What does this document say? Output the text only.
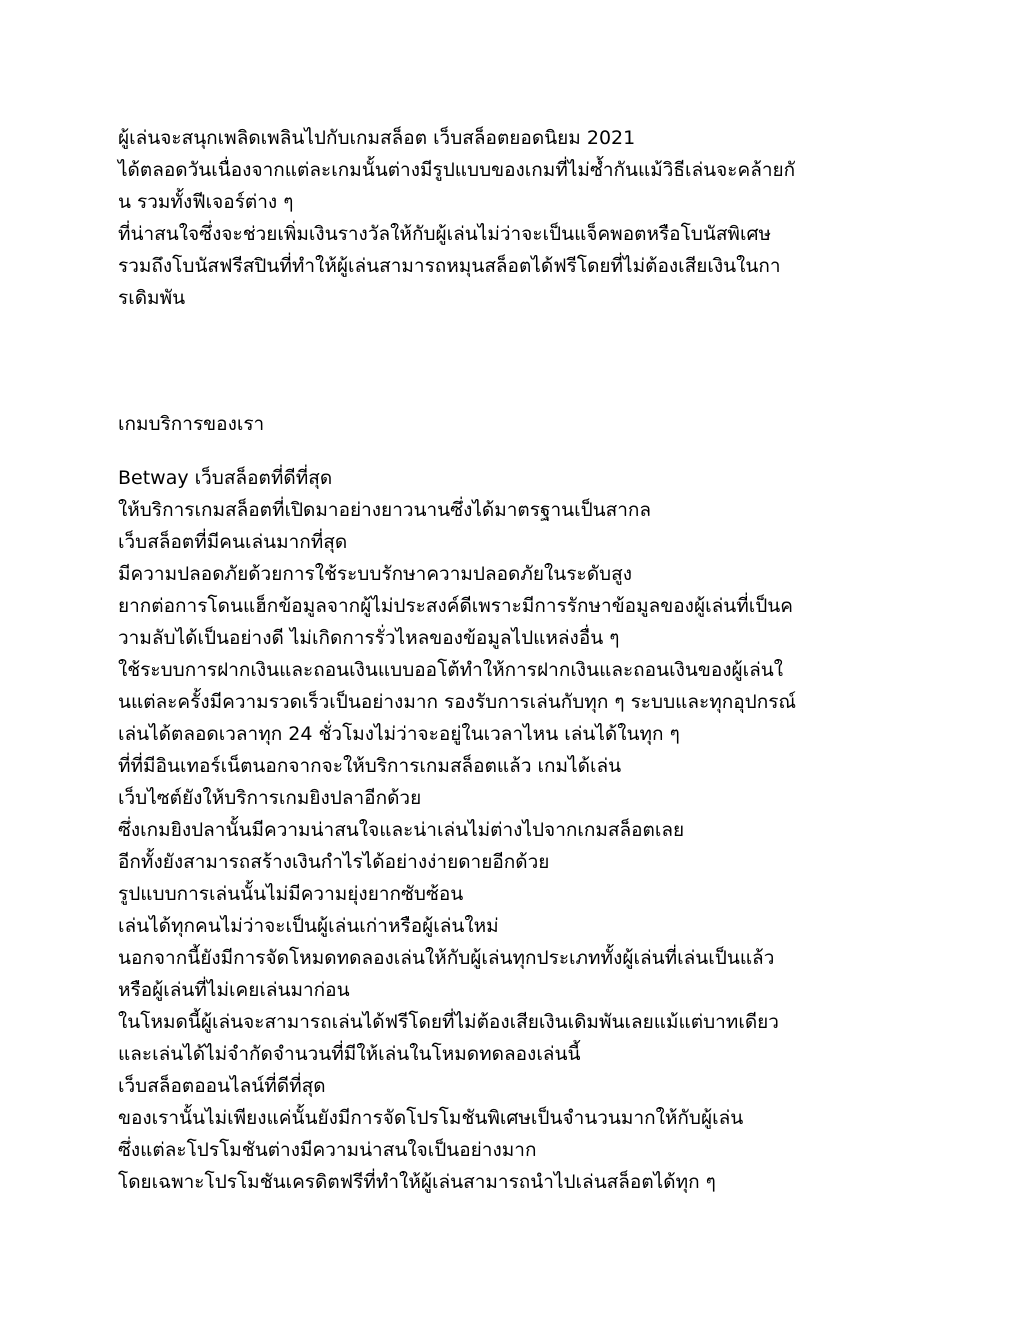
ผู้เล่นจะสนุกเพลิดเพลินไปกับเกมสล็อต เว็บสล็อตยอดนิยม 2021
ได้ตลอดวันเนื่องจากแต่ละเกมนั้นต่างมีรูปแบบของเกมที่ไม่ซ้ำกันแม้วิธีเล่นจะคล้ายกั
น รวมทั้งฟีเจอร์ต่าง ๆ
ที่น่าสนใจซึ่งจะช่วยเพิ่มเงินรางวัลให้กับผู้เล่นไม่ว่าจะเป็นแจ็คพอตหรือโบนัสพิเศษ
รวมถึงโบนัสฟรีสปินที่ทำให้ผู้เล่นสามารถหมุนสล็อตได้ฟรีโดยที่ไม่ต้องเสียเงินในกา
รเดิมพัน
เกมบริการของเรา
Betway เว็บสล็อตที่ดีที่สุด
ให้บริการเกมสล็อตที่เปิดมาอย่างยาวนานซึ่งได้มาตรฐานเป็นสากล
เว็บสล็อตที่มีคนเล่นมากที่สุด
มีความปลอดภัยด้วยการใช้ระบบรักษาความปลอดภัยในระดับสูง
ยากต่อการโดนแฮ็กข้อมูลจากผู้ไม่ประสงค์ดีเพราะมีการรักษาข้อมูลของผู้เล่นที่เป็นค
วามลับได้เป็นอย่างดี ไม่เกิดการรั่วไหลของข้อมูลไปแหล่งอื่น ๆ
ใช้ระบบการฝากเงินและถอนเงินแบบออโต้ทำให้การฝากเงินและถอนเงินของผู้เล่นใ
นแต่ละครั้งมีความรวดเร็วเป็นอย่างมาก รองรับการเล่นกับทุก ๆ ระบบและทุกอุปกรณ์
เล่นได้ตลอดเวลาทุก 24 ชั่วโมงไม่ว่าจะอยู่ในเวลาไหน เล่นได้ในทุก ๆ
ที่ที่มีอินเทอร์เน็ตนอกจากจะให้บริการเกมสล็อตแล้ว เกมได้เล่น
เว็บไซต์ยังให้บริการเกมยิงปลาอีกด้วย
ซึ่งเกมยิงปลานั้นมีความน่าสนใจและน่าเล่นไม่ต่างไปจากเกมสล็อตเลย
อีกทั้งยังสามารถสร้างเงินกำไรได้อย่างง่ายดายอีกด้วย
รูปแบบการเล่นนั้นไม่มีความยุ่งยากซับซ้อน
เล่นได้ทุกคนไม่ว่าจะเป็นผู้เล่นเก่าหรือผู้เล่นใหม่
นอกจากนี้ยังมีการจัดโหมดทดลองเล่นให้กับผู้เล่นทุกประเภททั้งผู้เล่นที่เล่นเป็นแล้ว
หรือผู้เล่นที่ไม่เคยเล่นมาก่อน
ในโหมดนี้ผู้เล่นจะสามารถเล่นได้ฟรีโดยที่ไม่ต้องเสียเงินเดิมพันเลยแม้แต่บาทเดียว
และเล่นได้ไม่จำกัดจำนวนที่มีให้เล่นในโหมดทดลองเล่นนี้
เว็บสล็อตออนไลน์ที่ดีที่สุด
ของเรานั้นไม่เพียงแค่นั้นยังมีการจัดโปรโมชันพิเศษเป็นจำนวนมากให้กับผู้เล่น
ซึ่งแต่ละโปรโมชันต่างมีความน่าสนใจเป็นอย่างมาก
โดยเฉพาะโปรโมชันเครดิตฟรีที่ทำให้ผู้เล่นสามารถนำไปเล่นสล็อตได้ทุก ๆ
